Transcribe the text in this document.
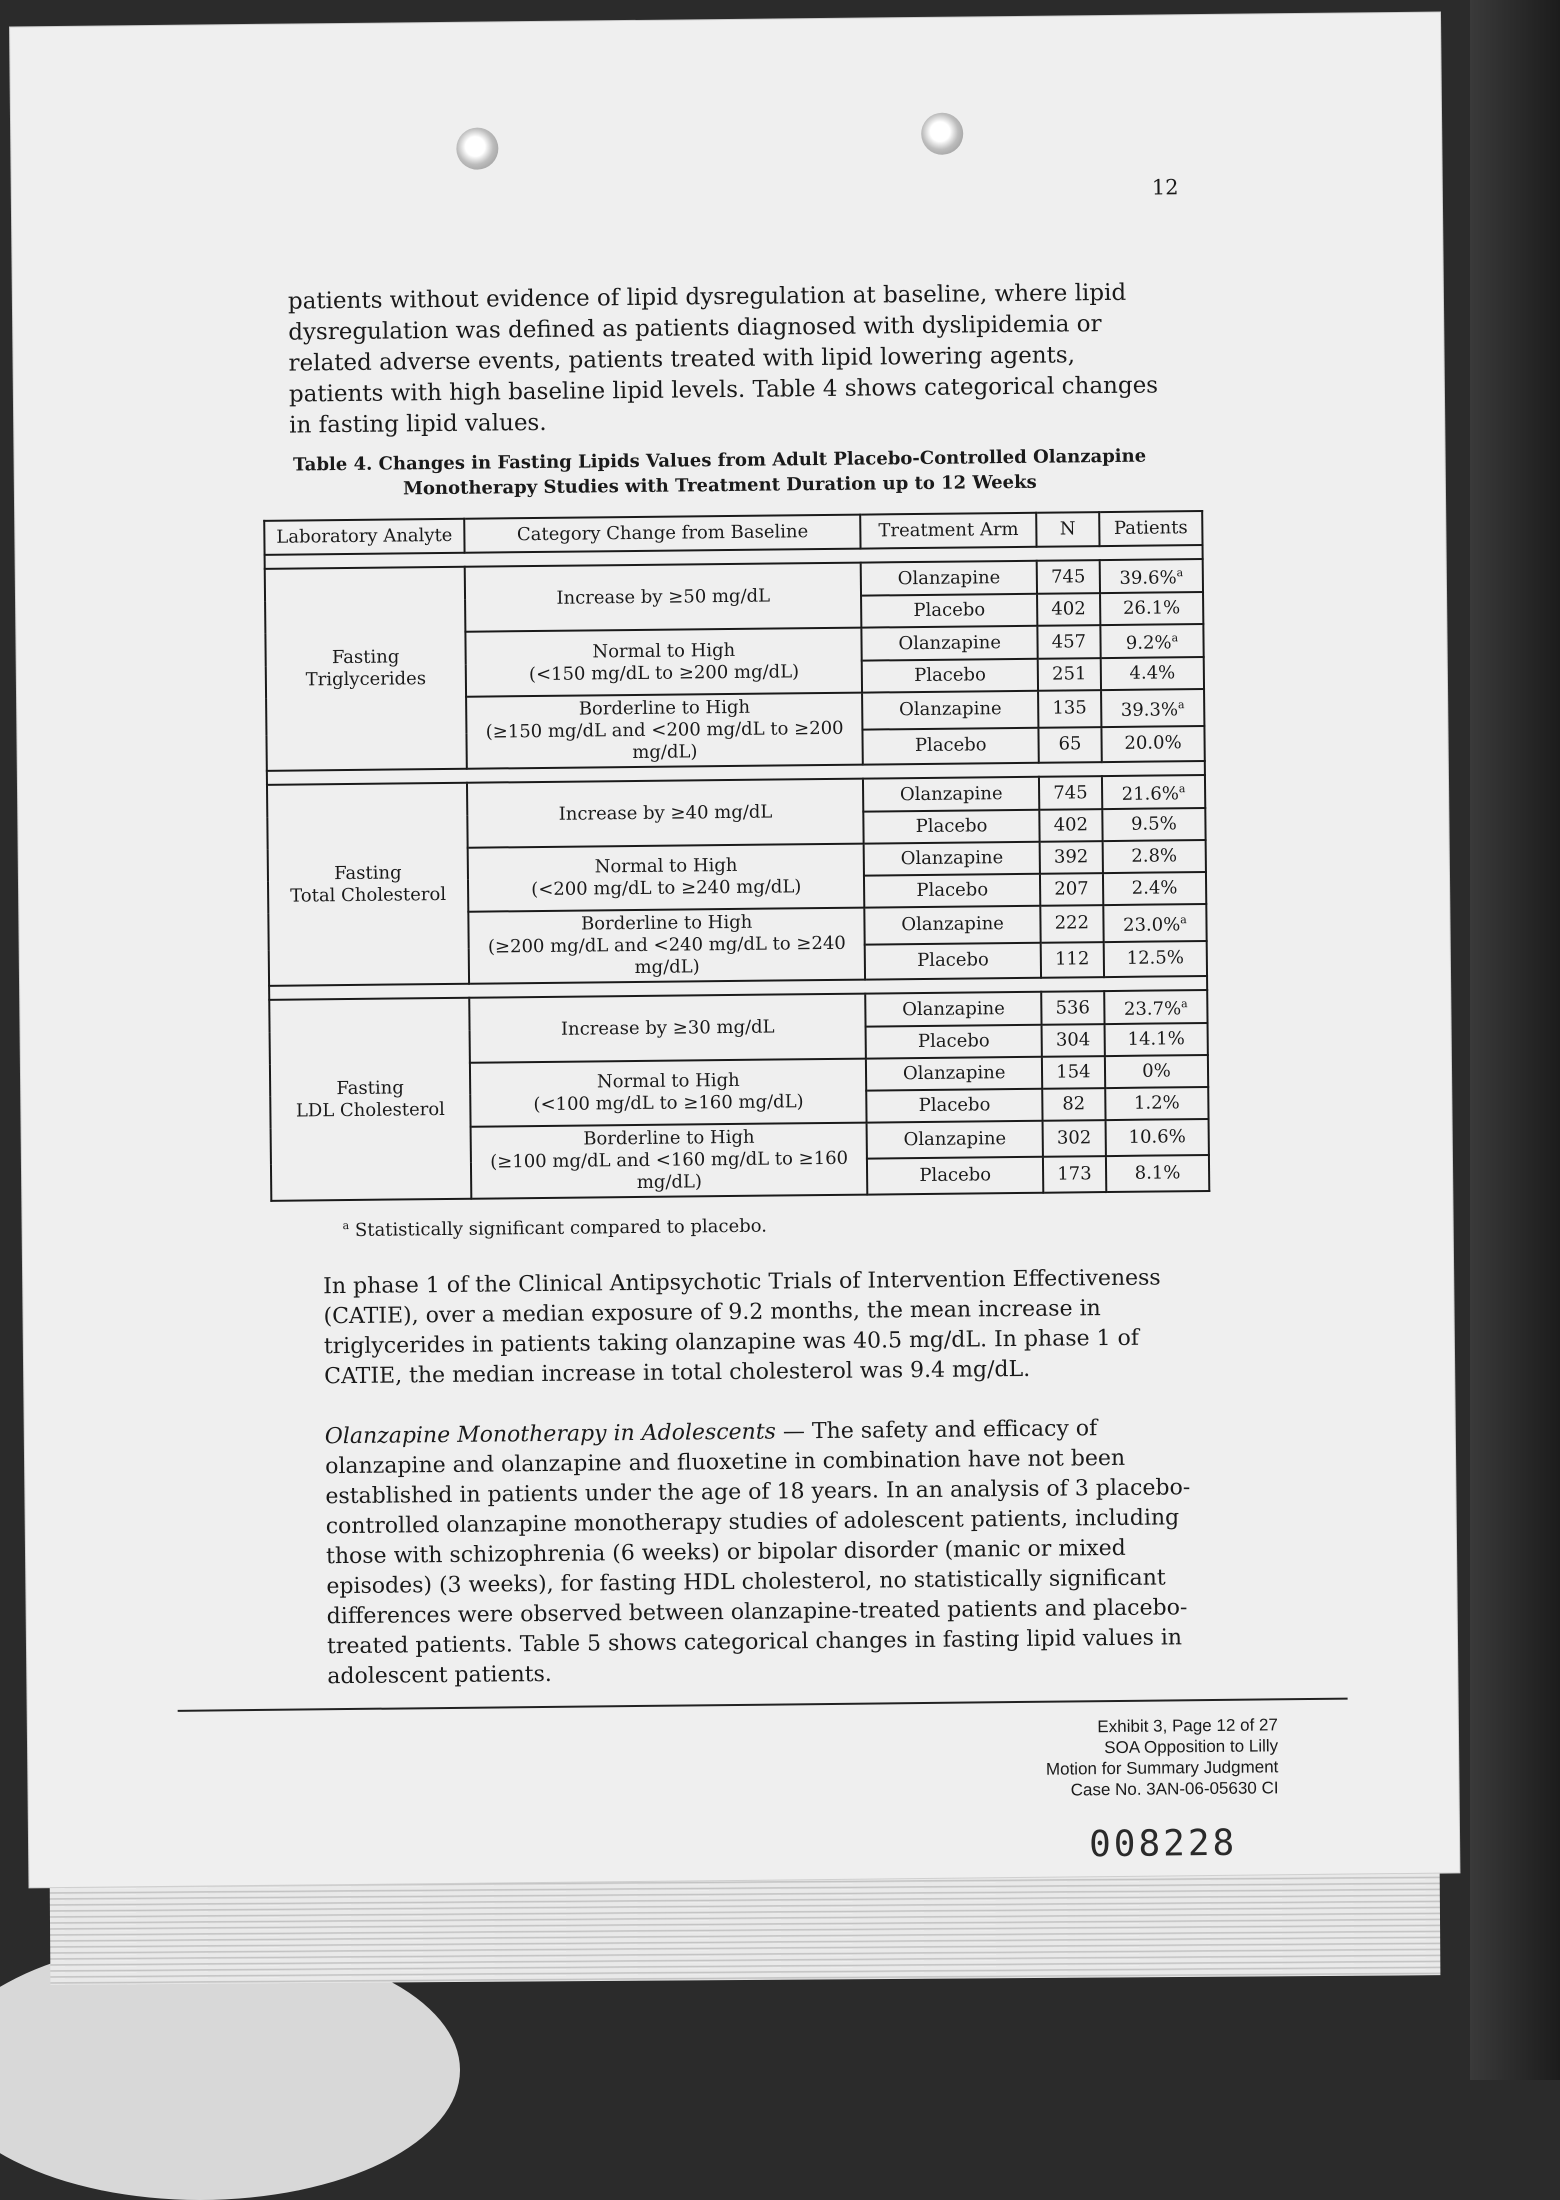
12

patients without evidence of lipid dysregulation at baseline, where lipid dysregulation was defined as patients diagnosed with dyslipidemia or related adverse events, patients treated with lipid lowering agents, patients with high baseline lipid levels. Table 4 shows categorical changes in fasting lipid values.

Table 4. Changes in Fasting Lipids Values from Adult Placebo-Controlled Olanzapine
Monotherapy Studies with Treatment Duration up to 12 Weeks
Laboratory Analyte	Category Change from Baseline	Treatment Arm	N	Patients

Fasting
Triglycerides	Increase by ≥50 mg/dL	Olanzapine	745	39.6%$^a$
		Placebo	402	26.1%

	Normal to High
(<150 mg/dL to ≥200 mg/dL)	Olanzapine	457	9.2%$^a$
		Placebo	251	4.4%

	Borderline to High
(≥150 mg/dL and <200 mg/dL to ≥200 mg/dL)	Olanzapine	135	39.3%$^a$
		Placebo	65	20.0%

Fasting
Total Cholesterol	Increase by ≥40 mg/dL	Olanzapine	745	21.6%$^a$
		Placebo	402	9.5%

	Normal to High
(<200 mg/dL to ≥240 mg/dL)	Olanzapine	392	2.8%
		Placebo	207	2.4%

	Borderline to High
(≥200 mg/dL and <240 mg/dL to ≥240 mg/dL)	Olanzapine	222	23.0%$^a$
		Placebo	112	12.5%

Fasting
LDL Cholesterol	Increase by ≥30 mg/dL	Olanzapine	536	23.7%$^a$
		Placebo	304	14.1%

	Normal to High
(<100 mg/dL to ≥160 mg/dL)	Olanzapine	154	0%
		Placebo	82	1.2%

	Borderline to High
(≥100 mg/dL and <160 mg/dL to ≥160 mg/dL)	Olanzapine	302	10.6%
		Placebo	173	8.1%
$^a$ Statistically significant compared to placebo.

In phase 1 of the Clinical Antipsychotic Trials of Intervention Effectiveness (CATIE), over a median exposure of 9.2 months, the mean increase in triglycerides in patients taking olanzapine was 40.5 mg/dL. In phase 1 of CATIE, the median increase in total cholesterol was 9.4 mg/dL.

Olanzapine Monotherapy in Adolescents — The safety and efficacy of olanzapine and olanzapine and fluoxetine in combination have not been established in patients under the age of 18 years. In an analysis of 3 placebo-controlled olanzapine monotherapy studies of adolescent patients, including those with schizophrenia (6 weeks) or bipolar disorder (manic or mixed episodes) (3 weeks), for fasting HDL cholesterol, no statistically significant differences were observed between olanzapine-treated patients and placebo-treated patients. Table 5 shows categorical changes in fasting lipid values in adolescent patients.

Exhibit 3, Page 12 of 27
SOA Opposition to Lilly
Motion for Summary Judgment
Case No. 3AN-06-05630 CI
008228
